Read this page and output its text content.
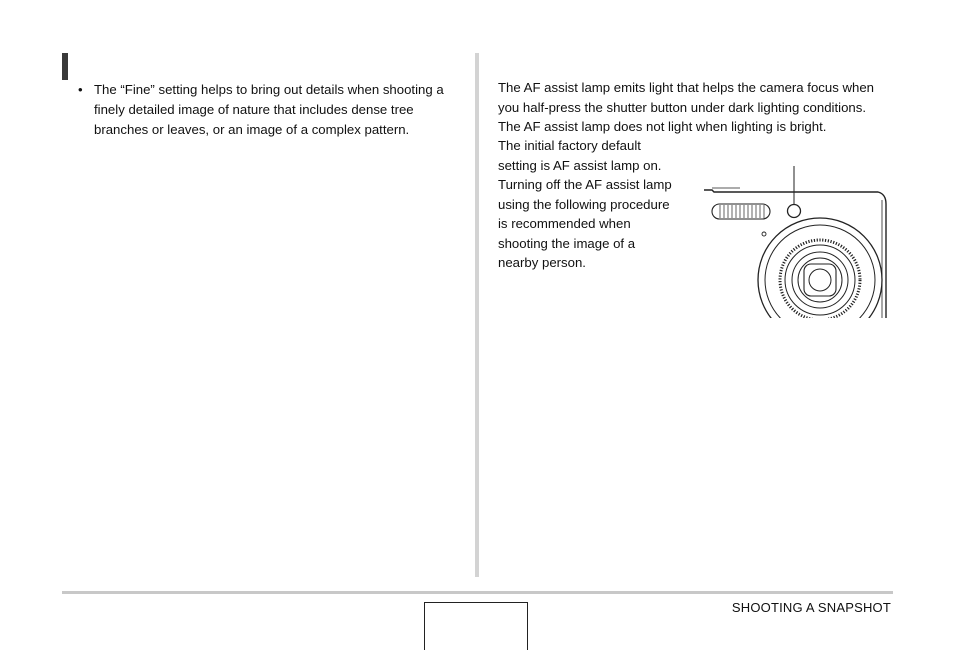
• The “Fine” setting helps to bring out details when shooting a finely detailed image of nature that includes dense tree branches or leaves, or an image of a complex pattern.

The AF assist lamp emits light that helps the camera focus when

you half-press the shutter button under dark lighting conditions.

The AF assist lamp does not light when lighting is bright.

The initial factory default

setting is AF assist lamp on.

Turning off the AF assist lamp

using the following procedure

is recommended when

shooting the image of a

nearby person.

SHOOTING A SNAPSHOT
